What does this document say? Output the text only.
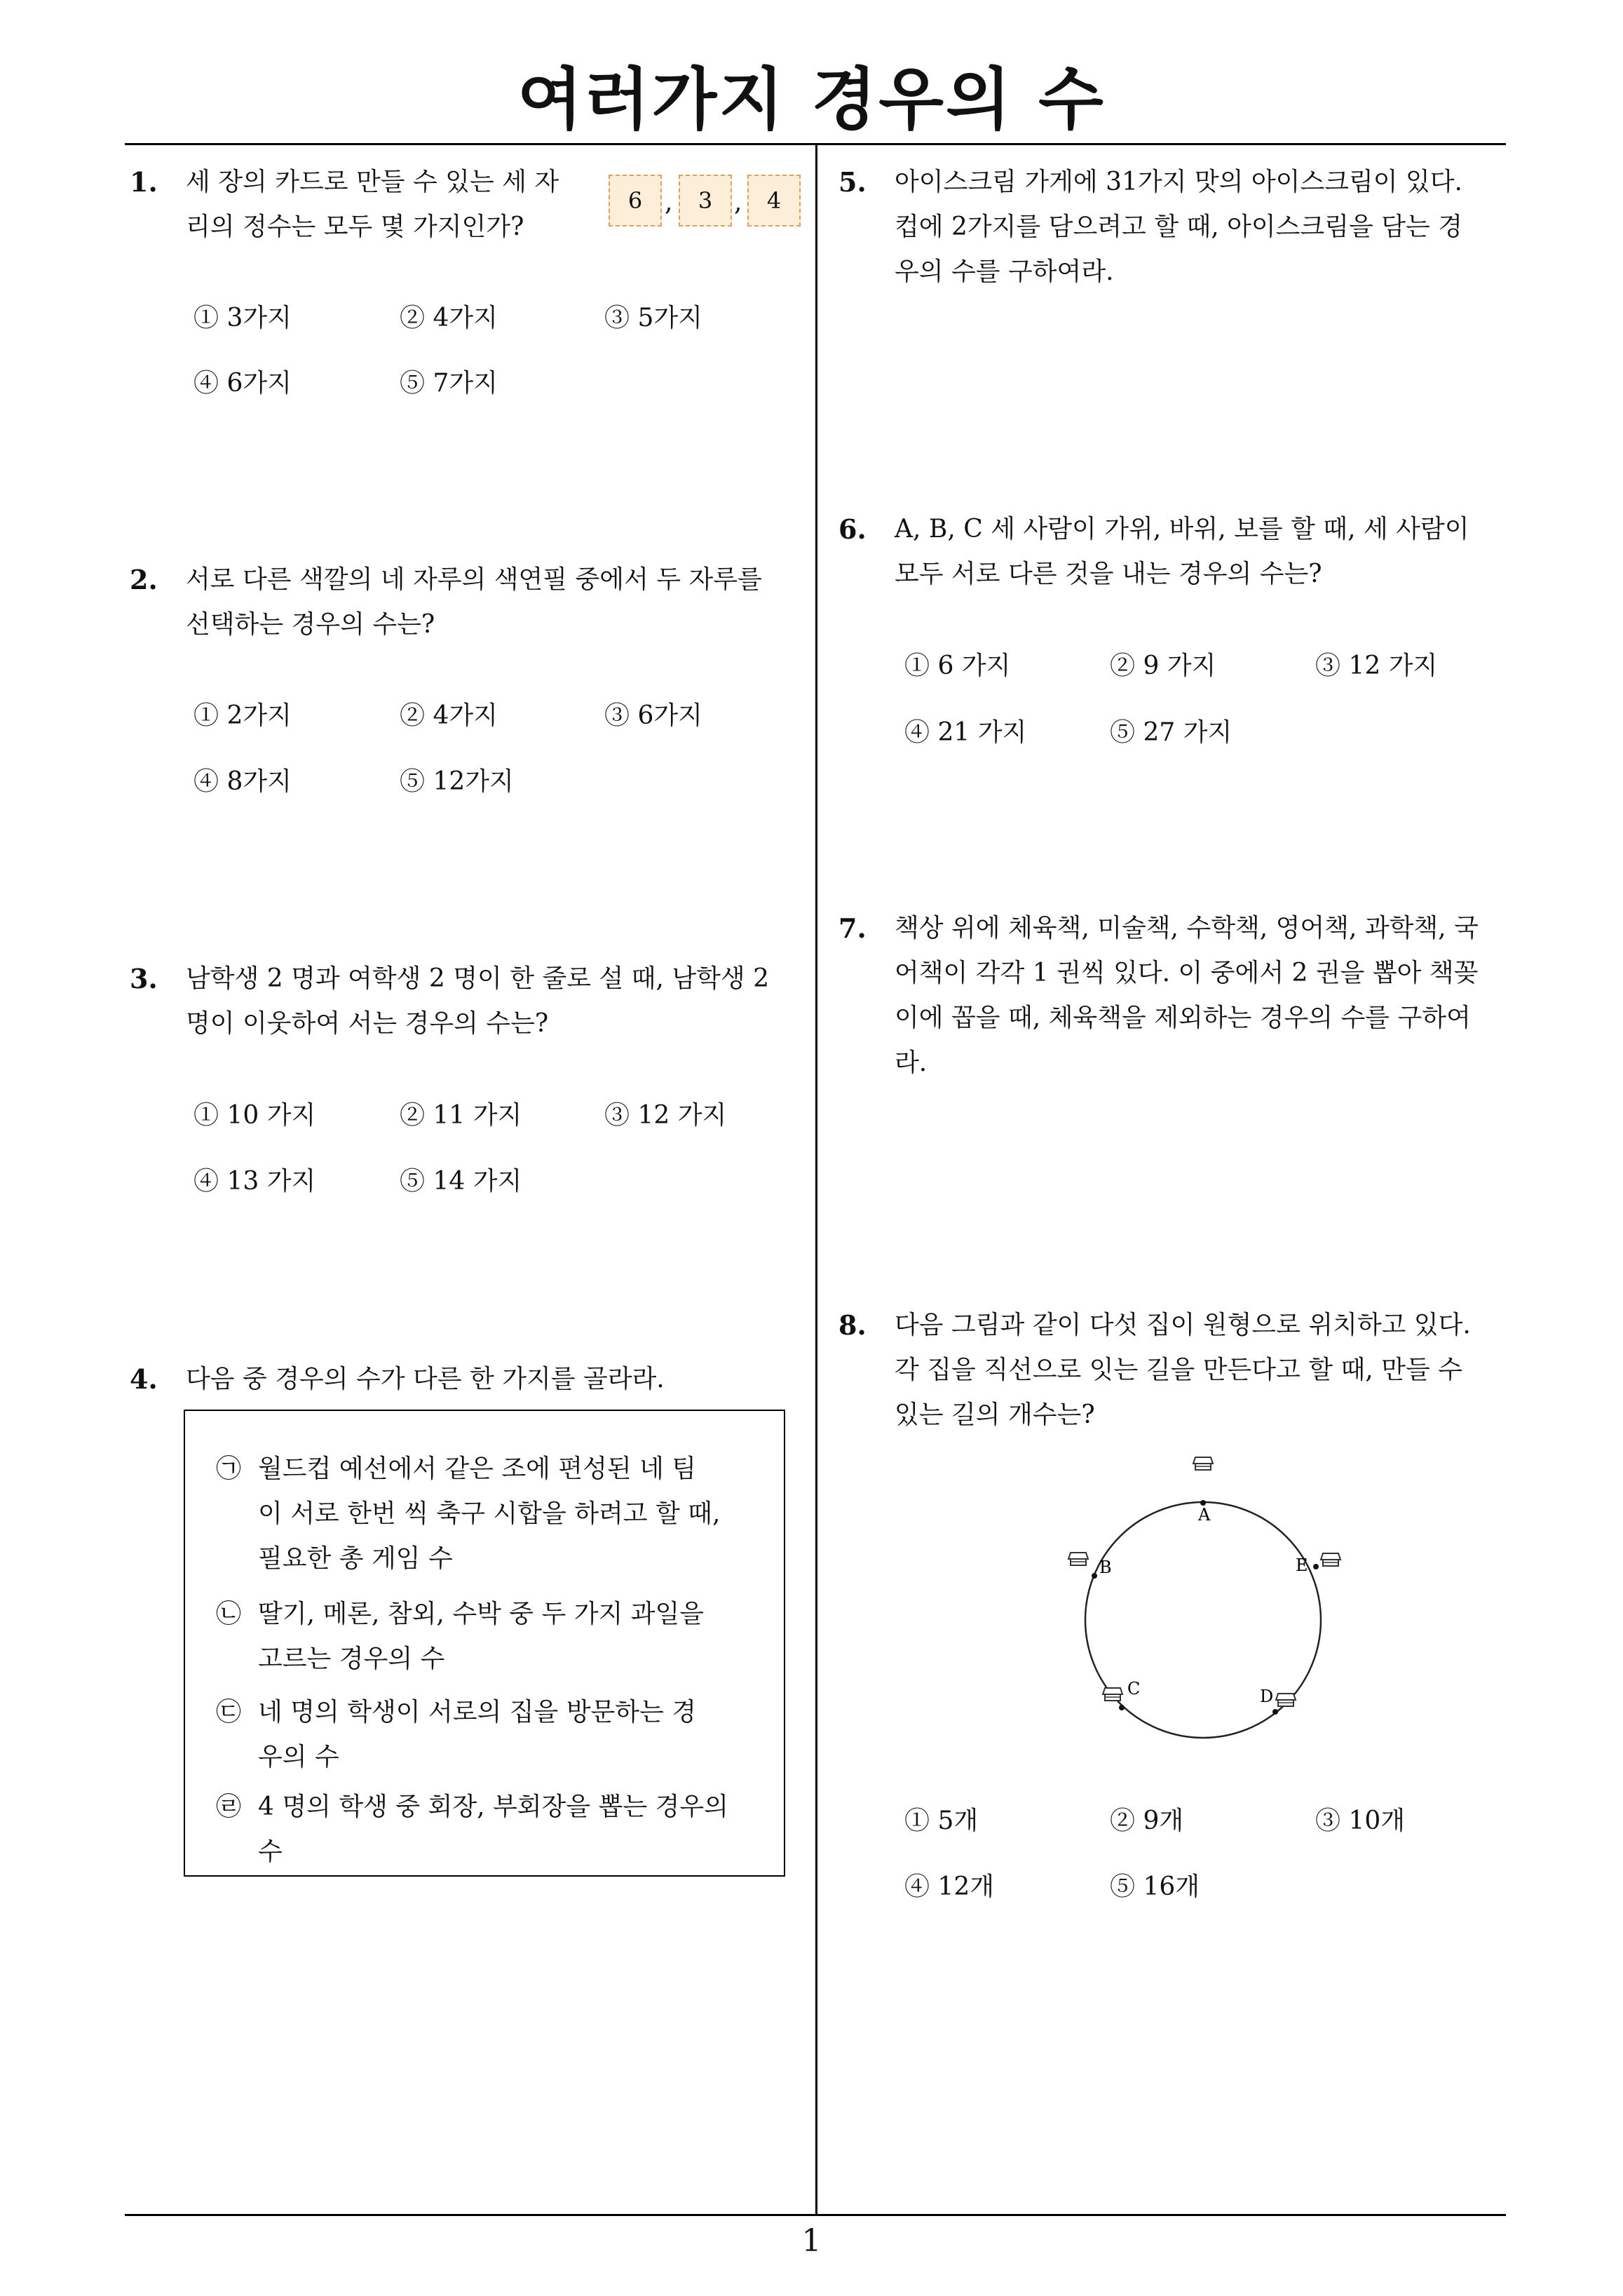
여러가지 경우의 수
1. 세 장의 카드로 만들 수 있는 세 자
리의 정수는 모두 몇 가지인가?
6 ,	3 ,	4
① 3가지	② 4가지	③ 5가지
④ 6가지	⑤ 7가지
2. 서로 다른 색깔의 네 자루의 색연필 중에서 두 자루를
선택하는 경우의 수는?
① 2가지	② 4가지	③ 6가지
④ 8가지	⑤ 12가지
3. 남학생 2 명과 여학생 2 명이 한 줄로 설 때, 남학생 2
명이 이웃하여 서는 경우의 수는?
① 10 가지	② 11 가지	③ 12 가지
④ 13 가지	⑤ 14 가지
4. 다음 중 경우의 수가 다른 한 가지를 골라라.
㉠ 월드컵 예선에서 같은 조에 편성된 네 팀
이 서로 한번 씩 축구 시합을 하려고 할 때,
필요한 총 게임 수
㉡ 딸기, 메론, 참외, 수박 중 두 가지 과일을
고르는 경우의 수
㉢ 네 명의 학생이 서로의 집을 방문하는 경
우의 수
㉣ 4 명의 학생 중 회장, 부회장을 뽑는 경우의
수
5. 아이스크림 가게에 31가지 맛의 아이스크림이 있다.
컵에 2가지를 담으려고 할 때, 아이스크림을 담는 경
우의 수를 구하여라.
6. A, B, C 세 사람이 가위, 바위, 보를 할 때, 세 사람이
모두 서로 다른 것을 내는 경우의 수는?
① 6 가지	② 9 가지	③ 12 가지
④ 21 가지	⑤ 27 가지
7. 책상 위에 체육책, 미술책, 수학책, 영어책, 과학책, 국
어책이 각각 1 권씩 있다. 이 중에서 2 권을 뽑아 책꽂
이에 꼽을 때, 체육책을 제외하는 경우의 수를 구하여
라.
8. 다음 그림과 같이 다섯 집이 원형으로 위치하고 있다.
각 집을 직선으로 잇는 길을 만든다고 할 때, 만들 수
있는 길의 개수는?
A
B
C	D
E
① 5개	② 9개	③ 10개
④ 12개	⑤ 16개
1
